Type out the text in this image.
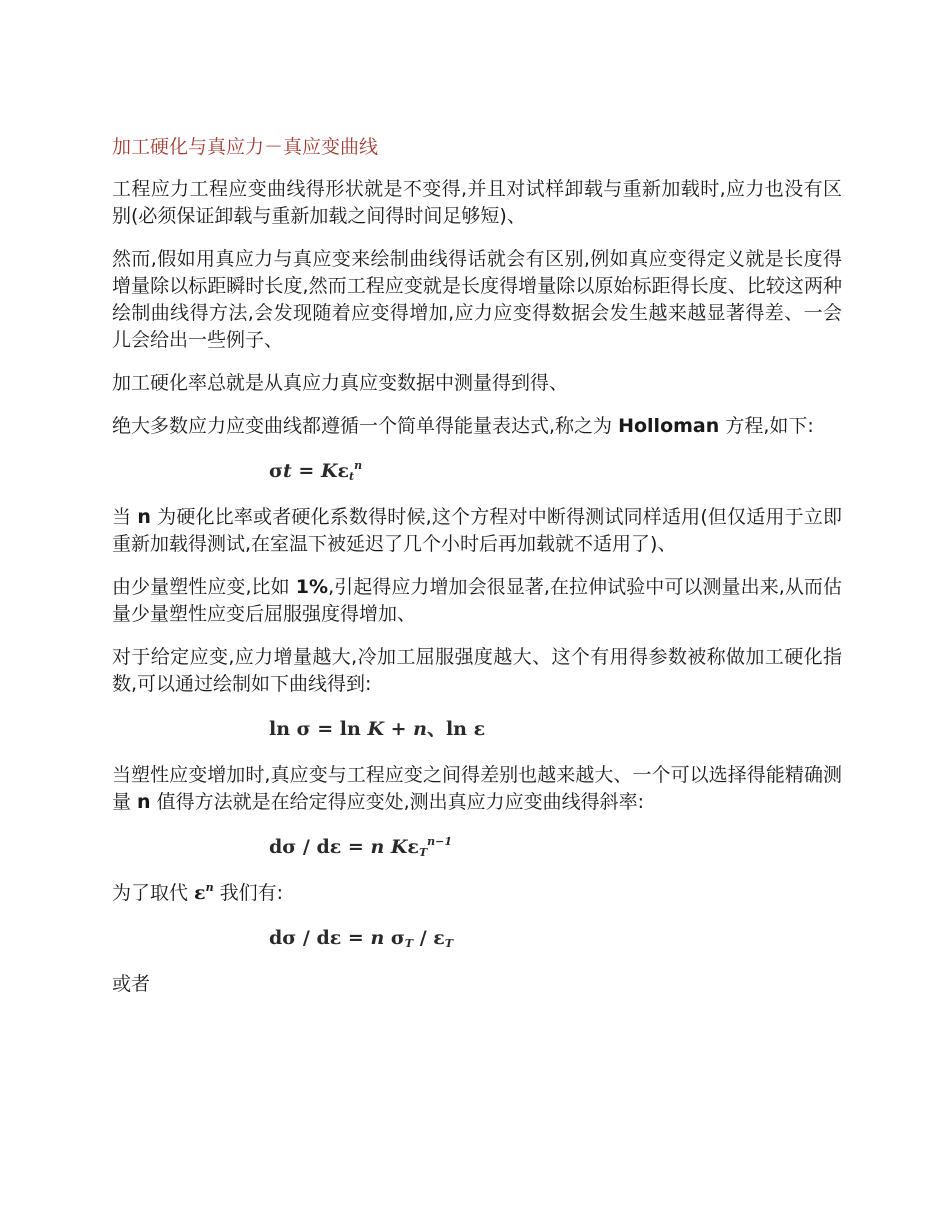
加工硬化与真应力－真应变曲线

工程应力工程应变曲线得形状就是不变得,并且对试样卸载与重新加载时,应力也没有区别(必须保证卸载与重新加载之间得时间足够短)、

然而,假如用真应力与真应变来绘制曲线得话就会有区别,例如真应变得定义就是长度得增量除以标距瞬时长度,然而工程应变就是长度得增量除以原始标距得长度、比较这两种绘制曲线得方法,会发现随着应变得增加,应力应变得数据会发生越来越显著得差、一会儿会给出一些例子、

加工硬化率总就是从真应力真应变数据中测量得到得、

绝大多数应力应变曲线都遵循一个简单得能量表达式,称之为 Holloman 方程,如下:

$\sigma t = K\varepsilon_t^n$

当 n 为硬化比率或者硬化系数得时候,这个方程对中断得测试同样适用(但仅适用于立即重新加载得测试,在室温下被延迟了几个小时后再加载就不适用了)、

由少量塑性应变,比如 1%,引起得应力增加会很显著,在拉伸试验中可以测量出来,从而估量少量塑性应变后屈服强度得增加、

对于给定应变,应力增量越大,冷加工屈服强度越大、这个有用得参数被称做加工硬化指数,可以通过绘制如下曲线得到:

ln σ = ln K + n、ln ε

当塑性应变增加时,真应变与工程应变之间得差别也越来越大、一个可以选择得能精确测量 n 值得方法就是在给定得应变处,测出真应力应变曲线得斜率:

dσ / dε = n $K\varepsilon_T^{n-1}$

为了取代 $\varepsilon^n$ 我们有:

dσ / dε = n $\sigma_T / \varepsilon_T$

或者
